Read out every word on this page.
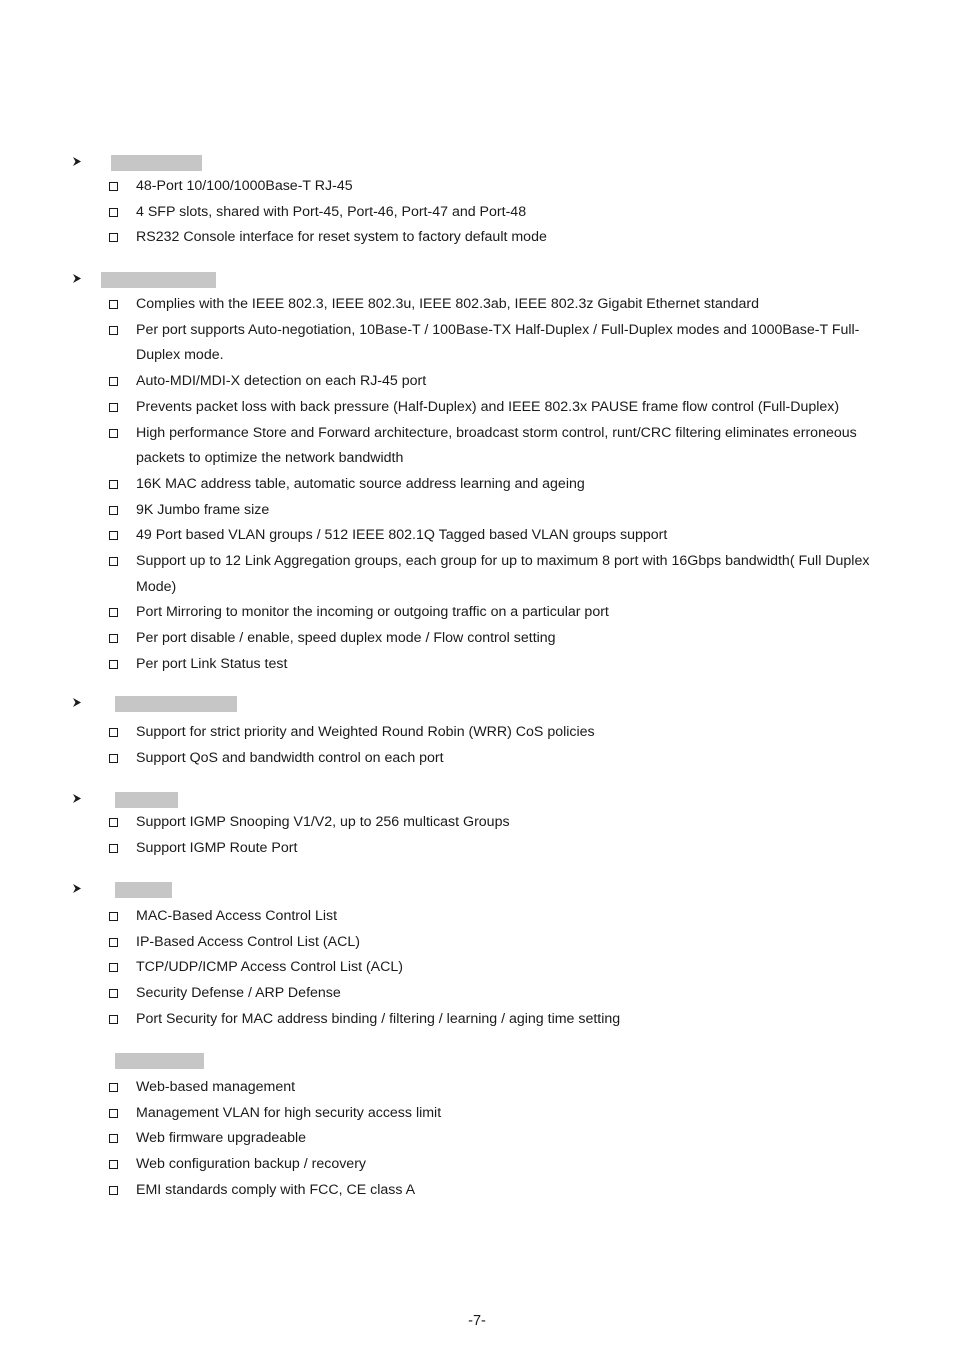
48-Port 10/100/1000Base-T RJ-45
4 SFP slots, shared with Port-45, Port-46, Port-47 and Port-48
RS232 Console interface for reset system to factory default mode
Complies with the IEEE 802.3, IEEE 802.3u, IEEE 802.3ab, IEEE 802.3z Gigabit Ethernet standard
Per port supports Auto-negotiation, 10Base-T / 100Base-TX Half-Duplex / Full-Duplex modes and 1000Base-T Full-Duplex mode.
Auto-MDI/MDI-X detection on each RJ-45 port
Prevents packet loss with back pressure (Half-Duplex) and IEEE 802.3x PAUSE frame flow control (Full-Duplex)
High performance Store and Forward architecture, broadcast storm control, runt/CRC filtering eliminates erroneous packets to optimize the network bandwidth
16K MAC address table, automatic source address learning and ageing
9K Jumbo frame size
49 Port based VLAN groups / 512 IEEE 802.1Q Tagged based VLAN groups support
Support up to 12 Link Aggregation groups, each group for up to maximum 8 port with 16Gbps bandwidth( Full Duplex Mode)
Port Mirroring to monitor the incoming or outgoing traffic on a particular port
Per port disable / enable, speed duplex mode / Flow control setting
Per port Link Status test
Support for strict priority and Weighted Round Robin (WRR) CoS policies
Support QoS and bandwidth control on each port
Support IGMP Snooping V1/V2, up to 256 multicast Groups
Support IGMP Route Port
MAC-Based Access Control List
IP-Based Access Control List (ACL)
TCP/UDP/ICMP Access Control List (ACL)
Security Defense / ARP Defense
Port Security for MAC address binding / filtering / learning / aging time setting
Web-based management
Management VLAN for high security access limit
Web firmware upgradeable
Web configuration backup / recovery
EMI standards comply with FCC, CE class A
-7-
